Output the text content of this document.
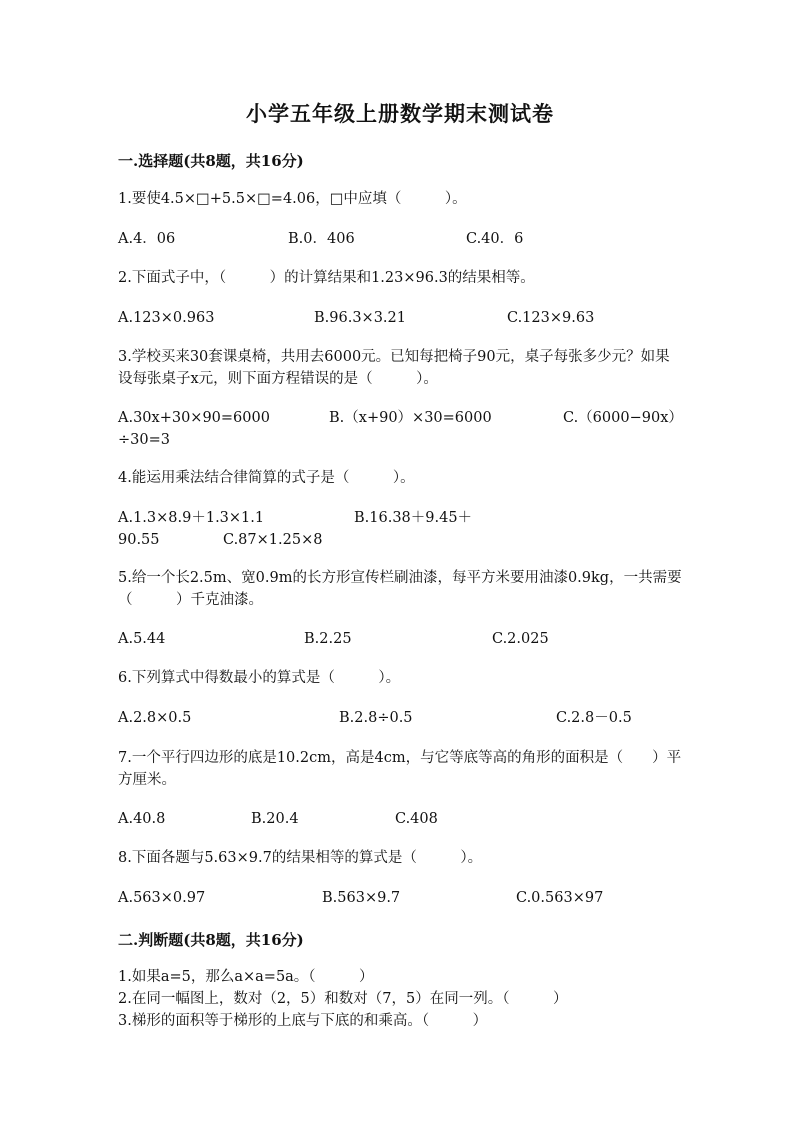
小学五年级上册数学期末测试卷
一.选择题(共8题，共16分)
1.要使4.5×□+5.5×□=4.06，□中应填（　　　）。
A.4．06	B.0．406	C.40．6
2.下面式子中，（　　　）的计算结果和1.23×96.3的结果相等。
A.123×0.963	B.96.3×3.21	C.123×9.63
3.学校买来30套课桌椅，共用去6000元。已知每把椅子90元，桌子每张多少元？如果设每张桌子x元，则下面方程错误的是（　　　）。
A.30x+30×90=6000	B.（x+90）×30=6000	C.（6000−90x）
÷30=3
4.能运用乘法结合律简算的式子是（　　　）。
A.1.3×8.9＋1.3×1.1	B.16.38＋9.45＋
90.55	C.87×1.25×8
5.给一个长2.5m、宽0.9m的长方形宣传栏刷油漆，每平方米要用油漆0.9kg，一共需要（　　　）千克油漆。
A.5.44	B.2.25	C.2.025
6.下列算式中得数最小的算式是（　　　）。
A.2.8×0.5	B.2.8÷0.5	C.2.8－0.5
7.一个平行四边形的底是10.2cm，高是4cm，与它等底等高的角形的面积是（　　）平方厘米。
A.40.8	B.20.4	C.408
8.下面各题与5.63×9.7的结果相等的算式是（　　　）。
A.563×0.97	B.563×9.7	C.0.563×97
二.判断题(共8题，共16分)
1.如果a=5，那么a×a=5a。（　　　）
2.在同一幅图上，数对（2，5）和数对（7，5）在同一列。（　　　）
3.梯形的面积等于梯形的上底与下底的和乘高。（　　　）
